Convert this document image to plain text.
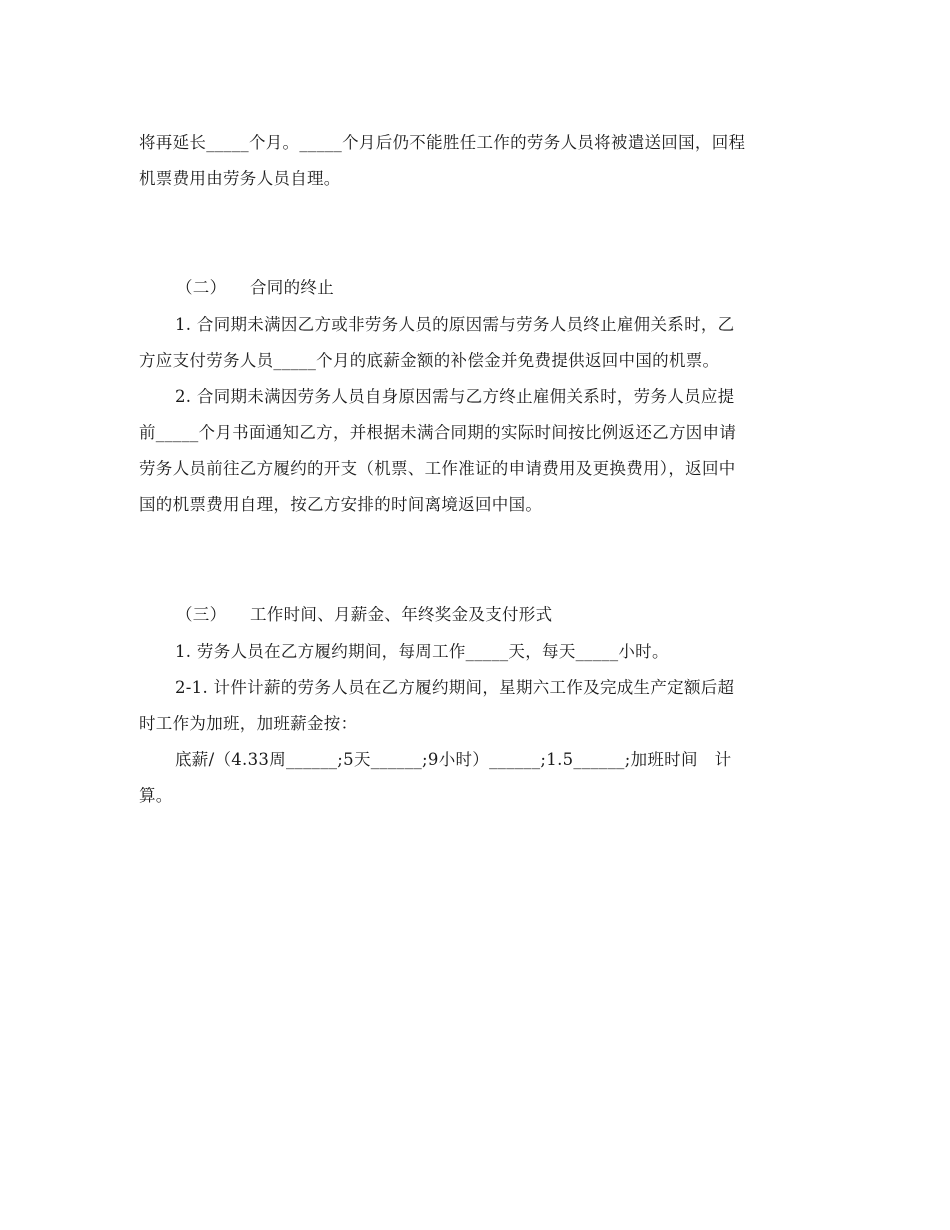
将再延长_____个月。_____个月后仍不能胜任工作的劳务人员将被遣送回国，回程

机票费用由劳务人员自理。

（二） 合同的终止

1. 合同期未满因乙方或非劳务人员的原因需与劳务人员终止雇佣关系时，乙

方应支付劳务人员_____个月的底薪金额的补偿金并免费提供返回中国的机票。

2. 合同期未满因劳务人员自身原因需与乙方终止雇佣关系时，劳务人员应提

前_____个月书面通知乙方，并根据未满合同期的实际时间按比例返还乙方因申请

劳务人员前往乙方履约的开支（机票、工作准证的申请费用及更换费用），返回中

国的机票费用自理，按乙方安排的时间离境返回中国。

（三） 工作时间、月薪金、年终奖金及支付形式

1. 劳务人员在乙方履约期间，每周工作_____天，每天_____小时。

2-1. 计件计薪的劳务人员在乙方履约期间，星期六工作及完成生产定额后超

时工作为加班，加班薪金按：

底薪/（4.33周______;5天______;9小时）______;1.5______;加班时间　计

算。
